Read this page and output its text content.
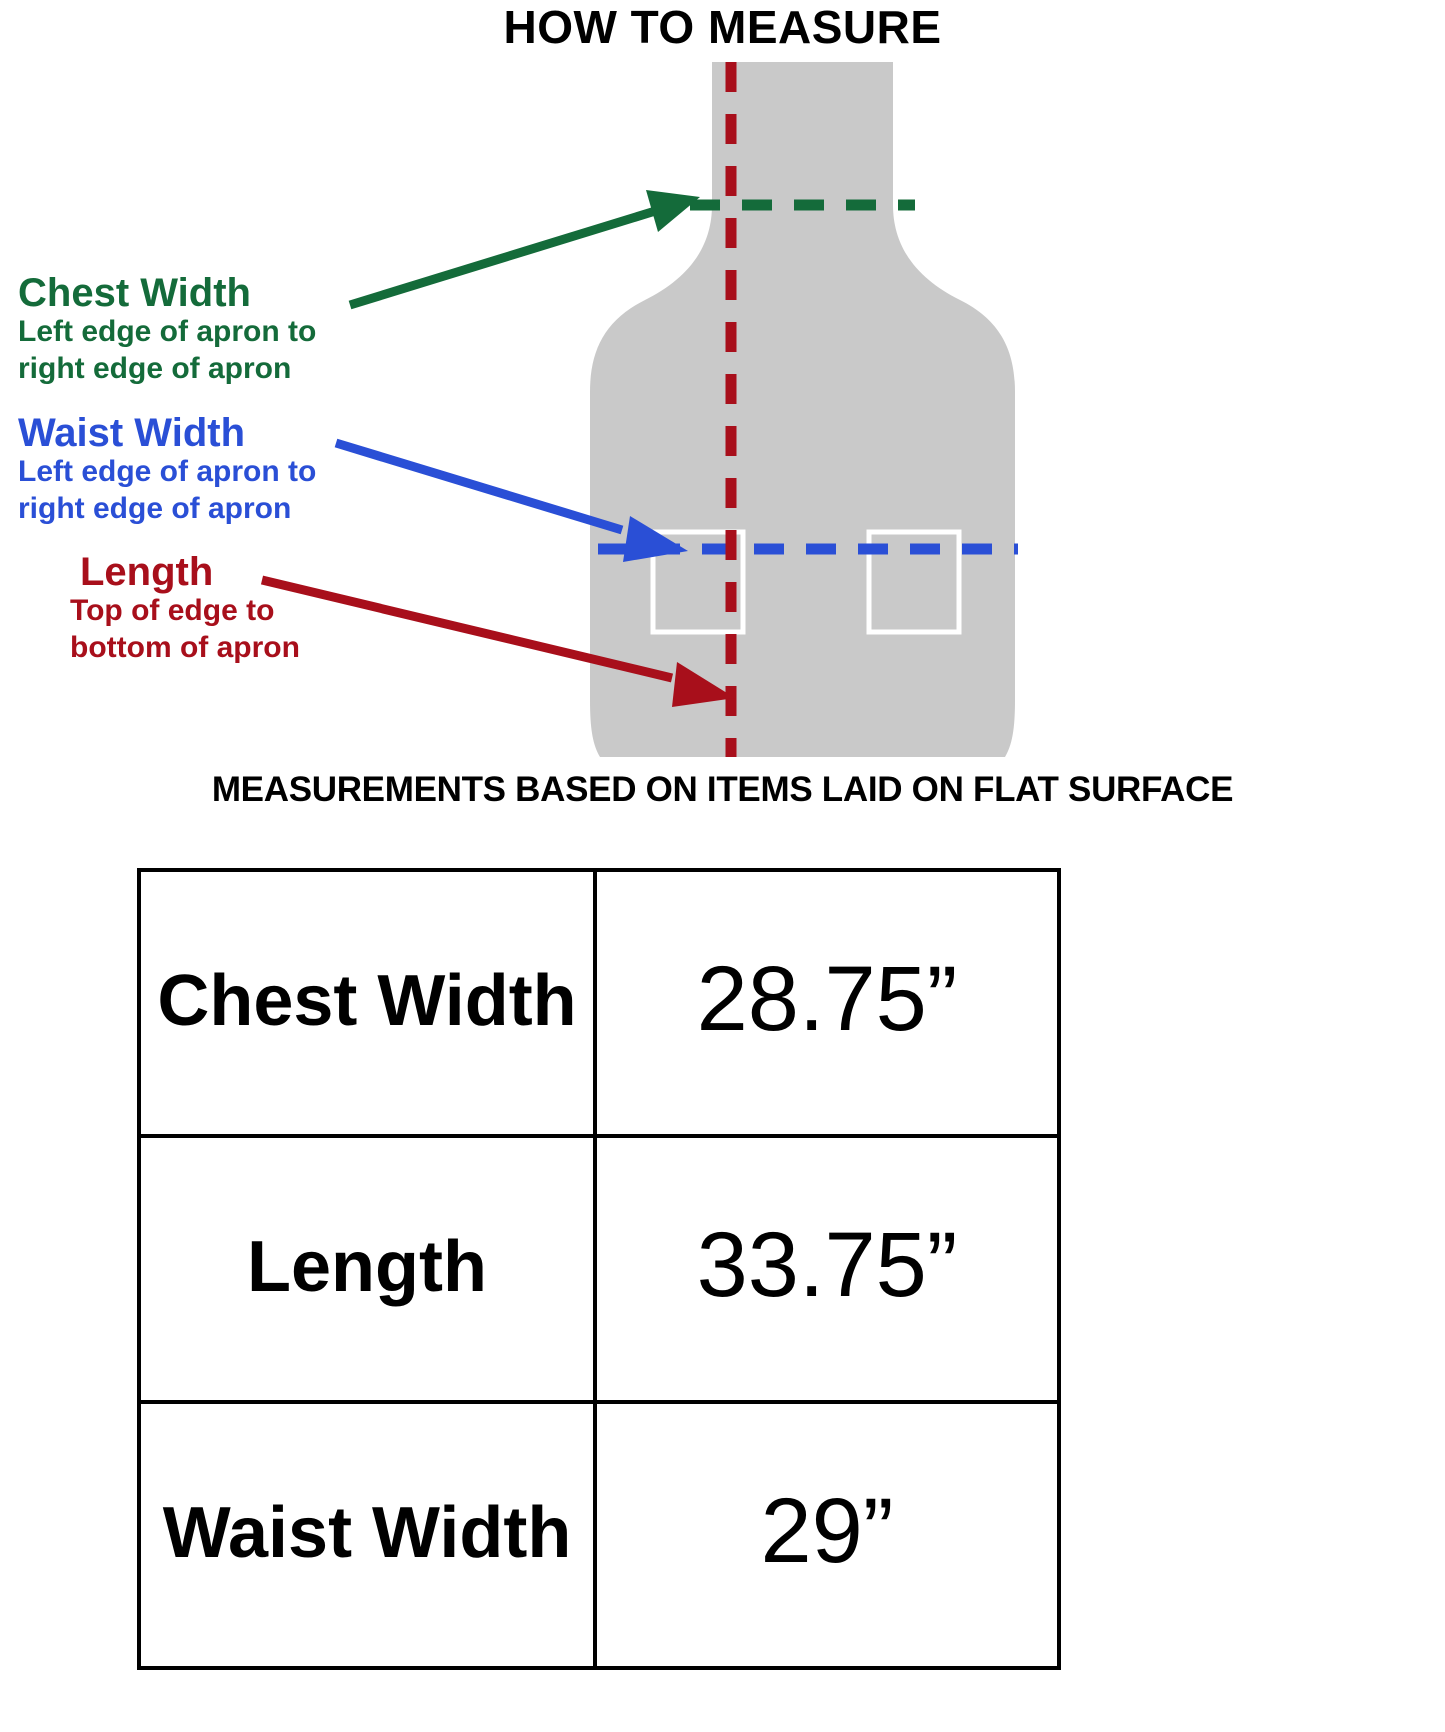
HOW TO MEASURE
Chest Width
Left edge of apron to
right edge of apron
Waist Width
Left edge of apron to
right edge of apron
Length
Top of edge to
bottom of apron
MEASUREMENTS BASED ON ITEMS LAID ON FLAT SURFACE
Chest Width	28.75”
Length	33.75”
Waist Width	29”
